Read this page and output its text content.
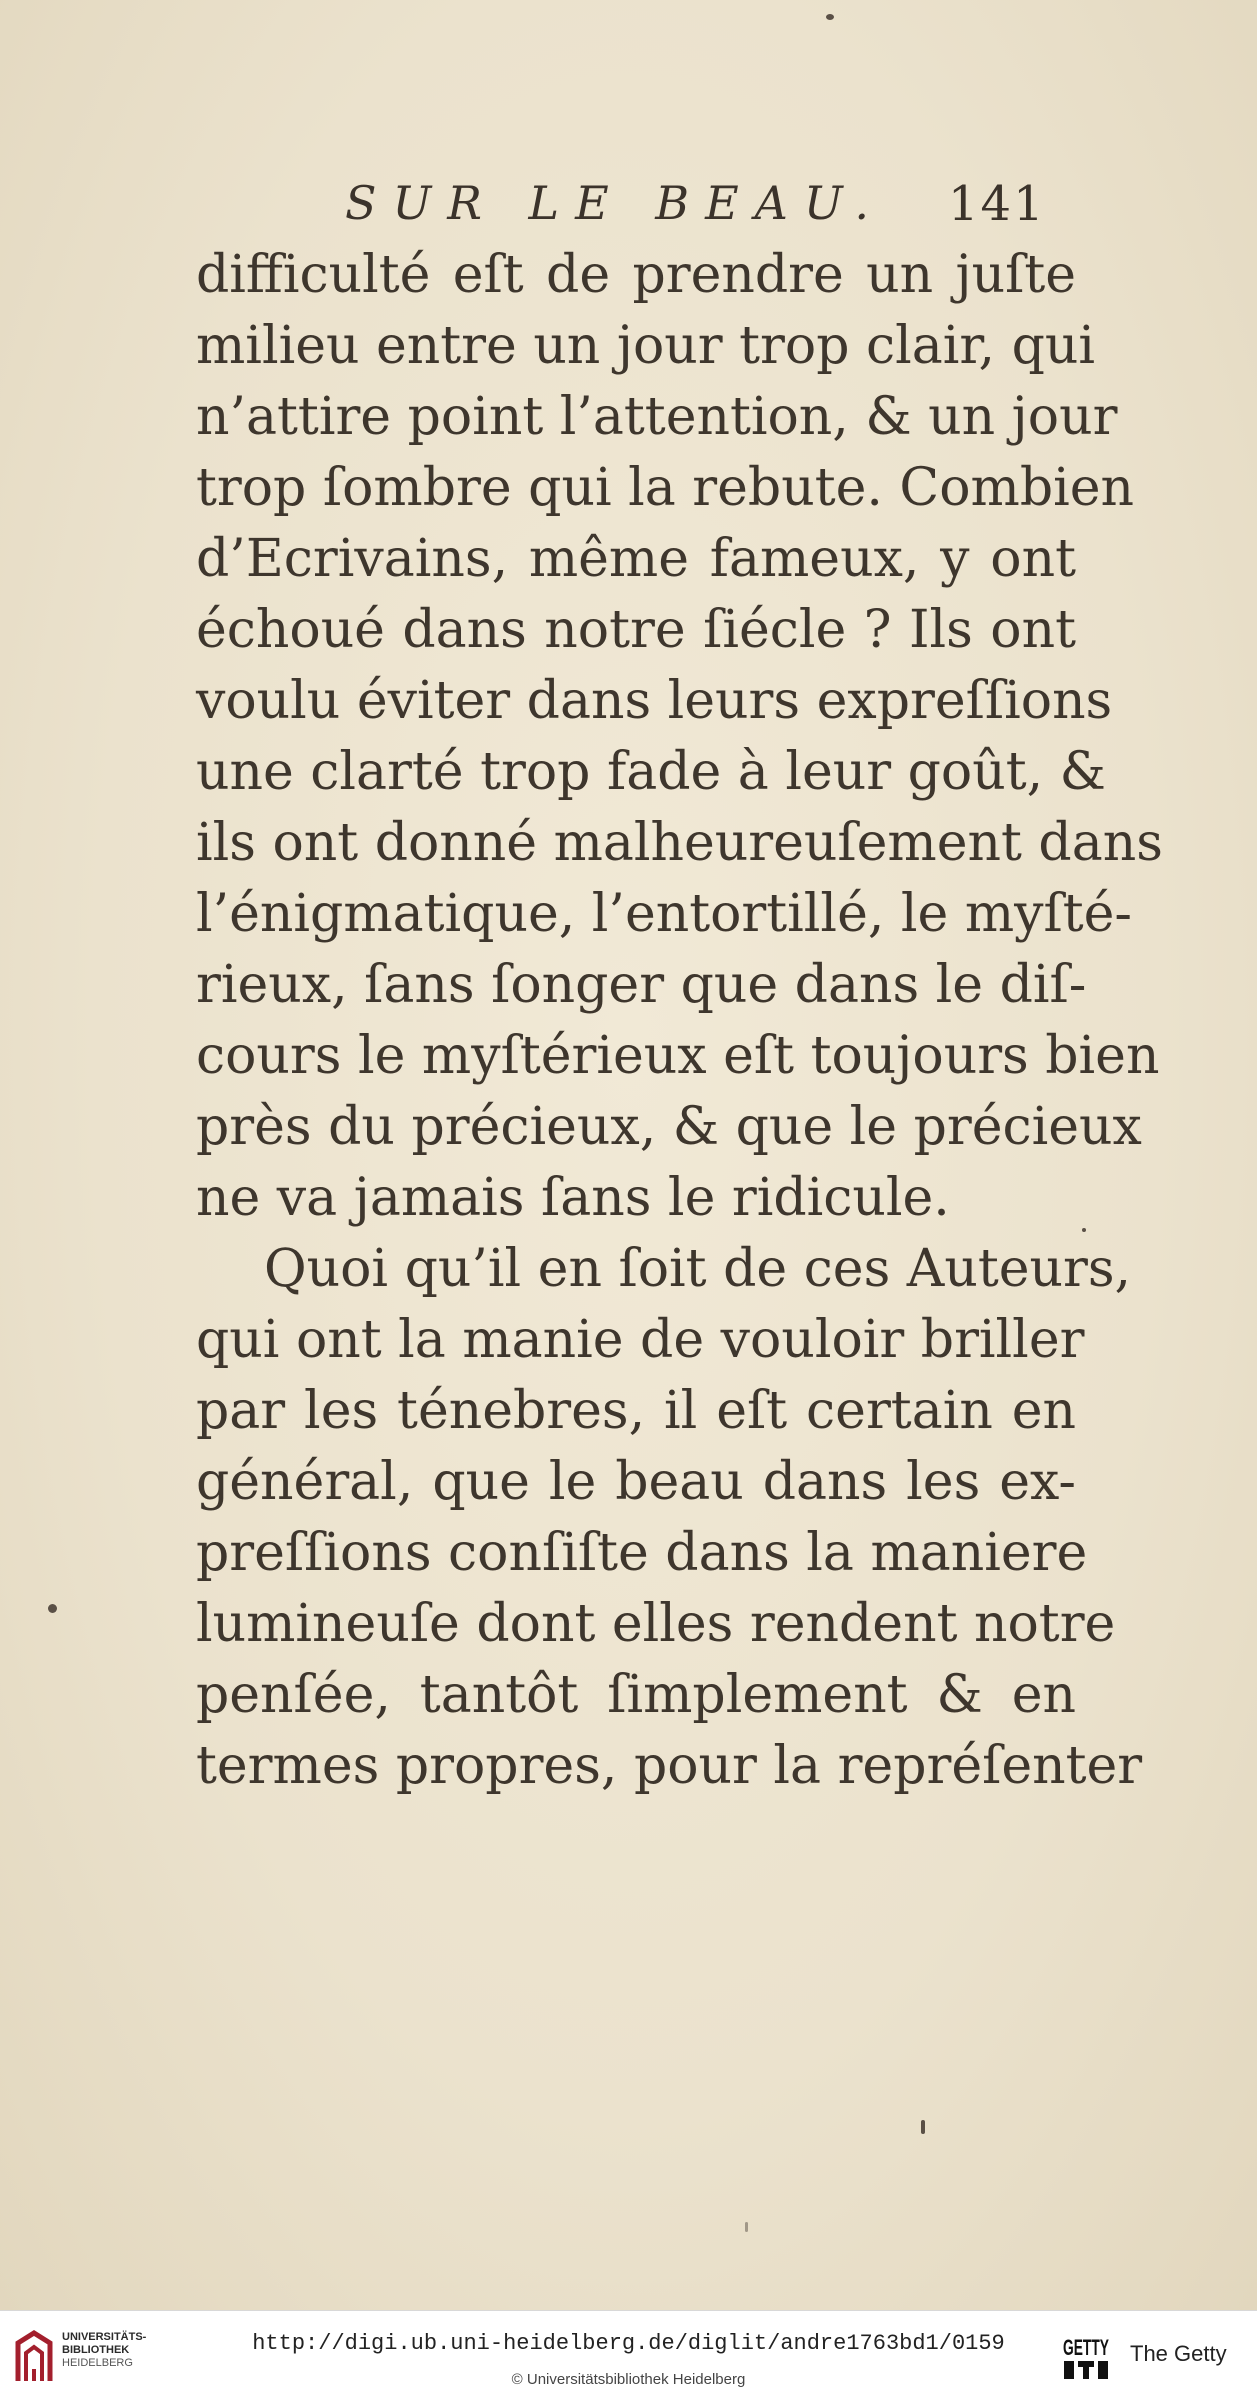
SUR LE BEAU.	141
difficulté eſt de prendre un juſte
milieu entre un jour trop clair, qui
n’attire point l’attention, & un jour
trop ſombre qui la rebute. Combien
d’Ecrivains, même fameux, y ont
échoué dans notre ſiécle ? Ils ont
voulu éviter dans leurs expreſſions
une clarté trop fade à leur goût, &
ils ont donné malheureuſement dans
l’énigmatique, l’entortillé, le myſté-
rieux, ſans ſonger que dans le diſ-
cours le myſtérieux eſt toujours bien
près du précieux, & que le précieux
ne va jamais ſans le ridicule.
Quoi qu’il en ſoit de ces Auteurs,
qui ont la manie de vouloir briller
par les ténebres, il eſt certain en
général, que le beau dans les ex-
preſſions conſiſte dans la maniere
lumineuſe dont elles rendent notre
penſée, tantôt ſimplement & en
termes propres, pour la repréſenter
UNIVERSITÄTS-
BIBLIOTHEK
HEIDELBERG
http://digi.ub.uni-heidelberg.de/diglit/andre1763bd1/0159
© Universitätsbibliothek Heidelberg
GETTY The Getty
